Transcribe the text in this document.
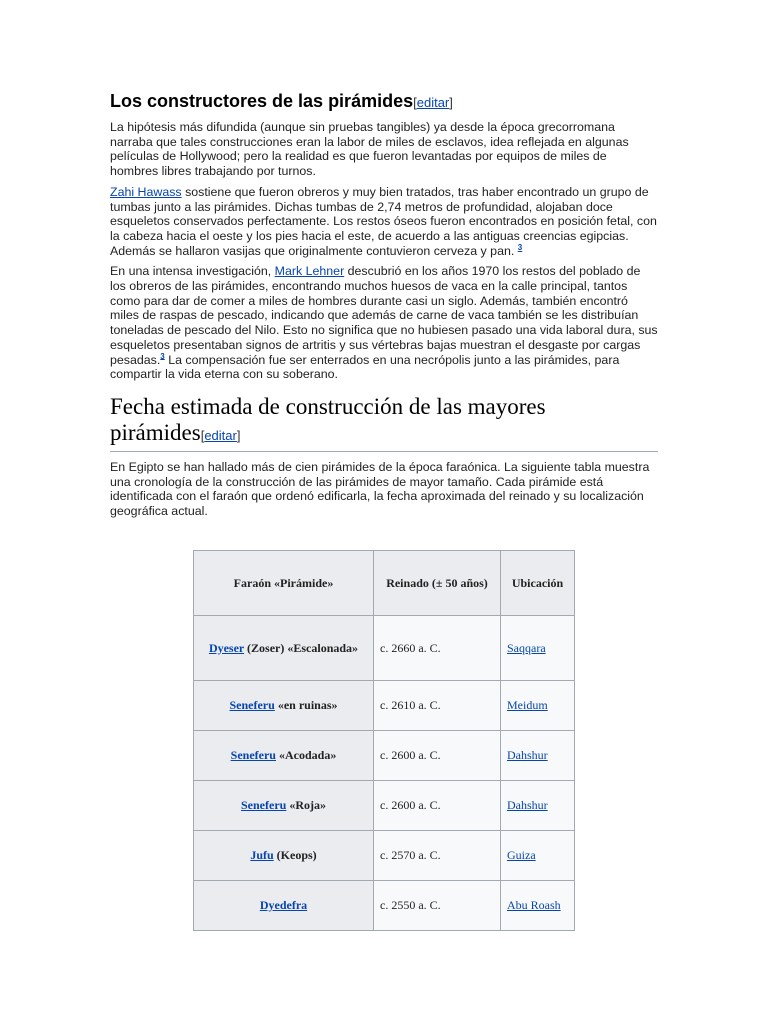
Los constructores de las pirámides[editar]

La hipótesis más difundida (aunque sin pruebas tangibles) ya desde la época grecorromana narraba que tales construcciones eran la labor de miles de esclavos, idea reflejada en algunas películas de Hollywood; pero la realidad es que fueron levantadas por equipos de miles de hombres libres trabajando por turnos.

Zahi Hawass sostiene que fueron obreros y muy bien tratados, tras haber encontrado un grupo de tumbas junto a las pirámides. Dichas tumbas de 2,74 metros de profundidad, alojaban doce esqueletos conservados perfectamente. Los restos óseos fueron encontrados en posición fetal, con la cabeza hacia el oeste y los pies hacia el este, de acuerdo a las antiguas creencias egipcias. Además se hallaron vasijas que originalmente contuvieron cerveza y pan. $^3$

En una intensa investigación, Mark Lehner descubrió en los años 1970 los restos del poblado de los obreros de las pirámides, encontrando muchos huesos de vaca en la calle principal, tantos como para dar de comer a miles de hombres durante casi un siglo. Además, también encontró miles de raspas de pescado, indicando que además de carne de vaca también se les distribuían toneladas de pescado del Nilo. Esto no significa que no hubiesen pasado una vida laboral dura, sus esqueletos presentaban signos de artritis y sus vértebras bajas muestran el desgaste por cargas pesadas.$^3$ La compensación fue ser enterrados en una necrópolis junto a las pirámides, para compartir la vida eterna con su soberano.

Fecha estimada de construcción de las mayores pirámides[editar]

En Egipto se han hallado más de cien pirámides de la época faraónica. La siguiente tabla muestra una cronología de la construcción de las pirámides de mayor tamaño. Cada pirámide está identificada con el faraón que ordenó edificarla, la fecha aproximada del reinado y su localización geográfica actual.

Faraón «Pirámide»	Reinado (± 50 años)	Ubicación
Dyeser (Zoser) «Escalonada»	c. 2660 a. C.	Saqqara
Seneferu «en ruinas»	c. 2610 a. C.	Meidum
Seneferu «Acodada»	c. 2600 a. C.	Dahshur
Seneferu «Roja»	c. 2600 a. C.	Dahshur
Jufu (Keops)	c. 2570 a. C.	Guiza
Dyedefra	c. 2550 a. C.	Abu Roash
